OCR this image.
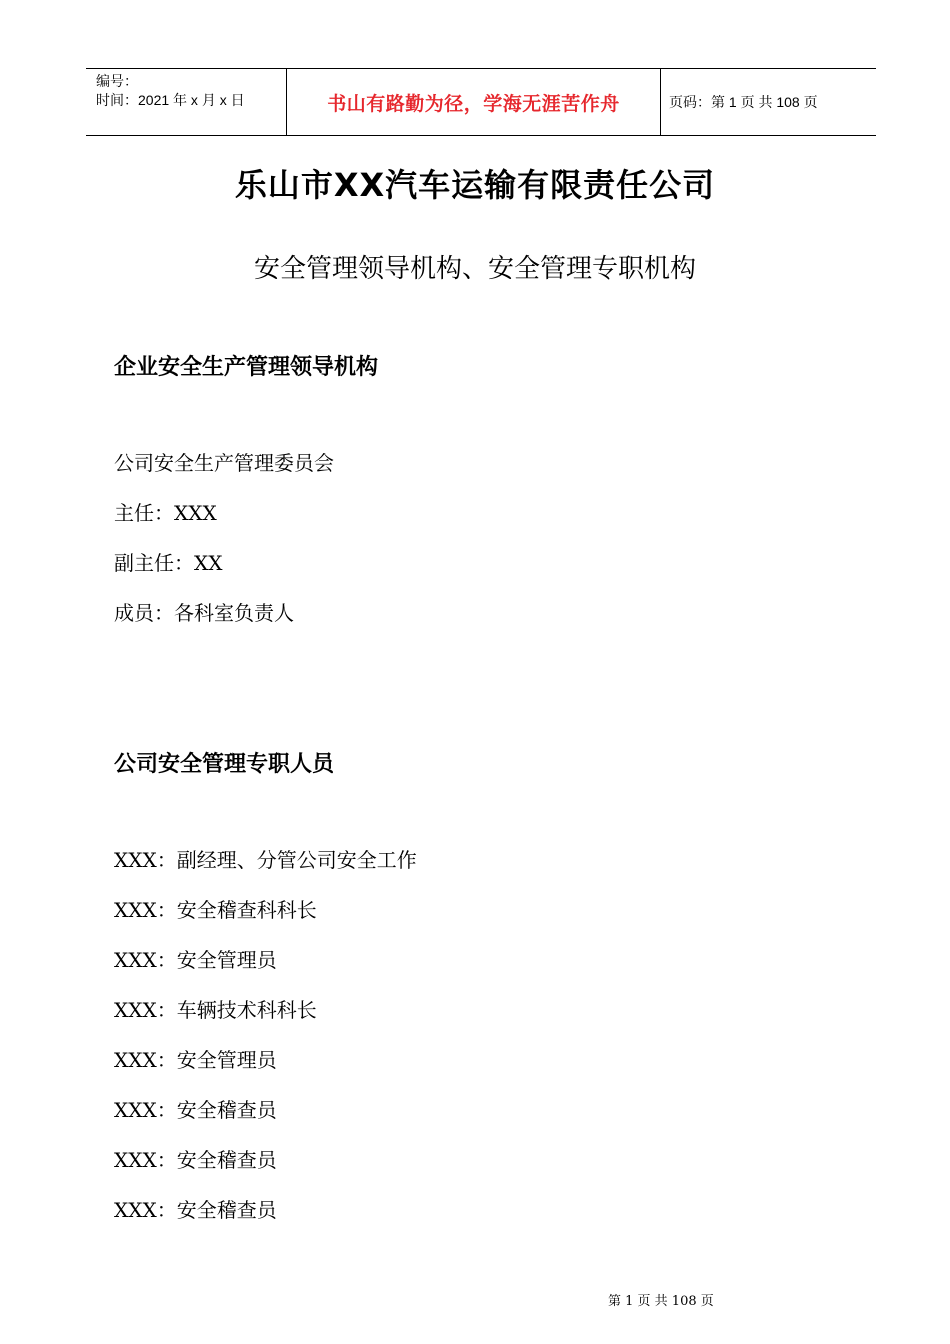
编号：
时间：2021 年 x 月 x 日	书山有路勤为径，学海无涯苦作舟	页码：第 1 页 共 108 页
乐山市XX汽车运输有限责任公司
安全管理领导机构、安全管理专职机构
企业安全生产管理领导机构
公司安全生产管理委员会
主任：XXX
副主任：XX
成员：各科室负责人
公司安全管理专职人员
XXX：副经理、分管公司安全工作
XXX：安全稽查科科长
XXX：安全管理员
XXX：车辆技术科科长
XXX：安全管理员
XXX：安全稽查员
XXX：安全稽查员
XXX：安全稽查员
第 1 页 共 108 页
